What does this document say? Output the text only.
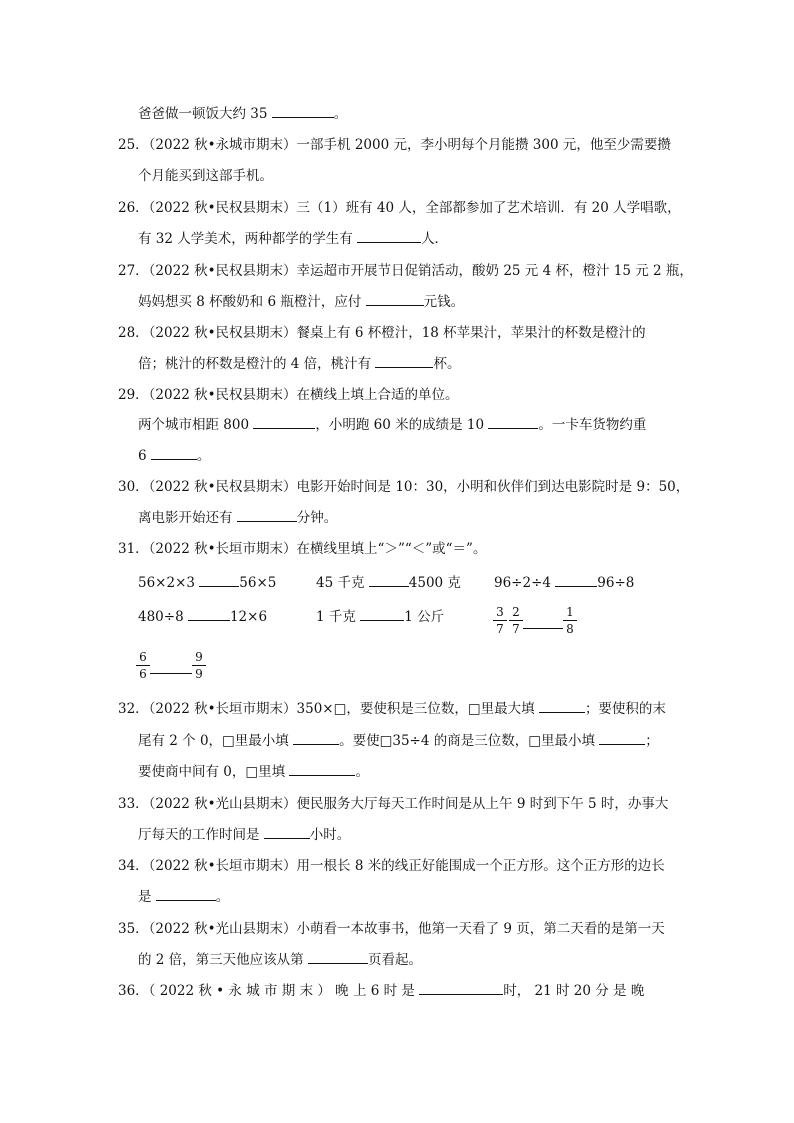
爸爸做一顿饭大约 35	。
25．（2022 秋•永城市期末）一部手机 2000 元，李小明每个月能攒 300 元，他至少需要攒
个月能买到这部手机。
26．（2022 秋•民权县期末）三（1）班有 40 人，全部都参加了艺术培训．有 20 人学唱歌，
有 32 人学美术，两种都学的学生有	人．
27．（2022 秋•民权县期末）幸运超市开展节日促销活动，酸奶 25 元 4 杯，橙汁 15 元 2 瓶，
妈妈想买 8 杯酸奶和 6 瓶橙汁，应付	元钱。
28．（2022 秋•民权县期末）餐桌上有 6 杯橙汁，18 杯苹果汁，苹果汁的杯数是橙汁的
倍；桃汁的杯数是橙汁的 4 倍，桃汁有	杯。
29．（2022 秋•民权县期末）在横线上填上合适的单位。
两个城市相距 800	，小明跑 60 米的成绩是 10	。一卡车货物约重
6	。
30．（2022 秋•民权县期末）电影开始时间是 10：30，小明和伙伴们到达电影院时是 9：50，
离电影开始还有	分钟。
31．（2022 秋•长垣市期末）在横线里填上“＞”“＜”或“＝”。
56×2×3	56×5	45 千克	4500 克 96÷2÷4	96÷8
480÷8	12×6	1 千克	1 公斤	3
7
2
7
1
8
6
6
9
9
32．（2022 秋•长垣市期末）350×□，要使积是三位数，□里最大填	；要使积的末
尾有 2 个 0，□里最小填	。要使□35÷4 的商是三位数，□里最小填	；
要使商中间有 0，□里填	。
33．（2022 秋•光山县期末）便民服务大厅每天工作时间是从上午 9 时到下午 5 时，办事大
厅每天的工作时间是	小时。
34．（2022 秋•长垣市期末）用一根长 8 米的线正好能围成一个正方形。这个正方形的边长
是	。
35．（2022 秋•光山县期末）小萌看一本故事书，他第一天看了 9 页，第二天看的是第一天
的 2 倍，第三天他应该从第	页看起。
36．（ 2022 秋 • 永 城 市 期 末 ） 晚 上 6 时 是	时， 21 时 20 分 是 晚
